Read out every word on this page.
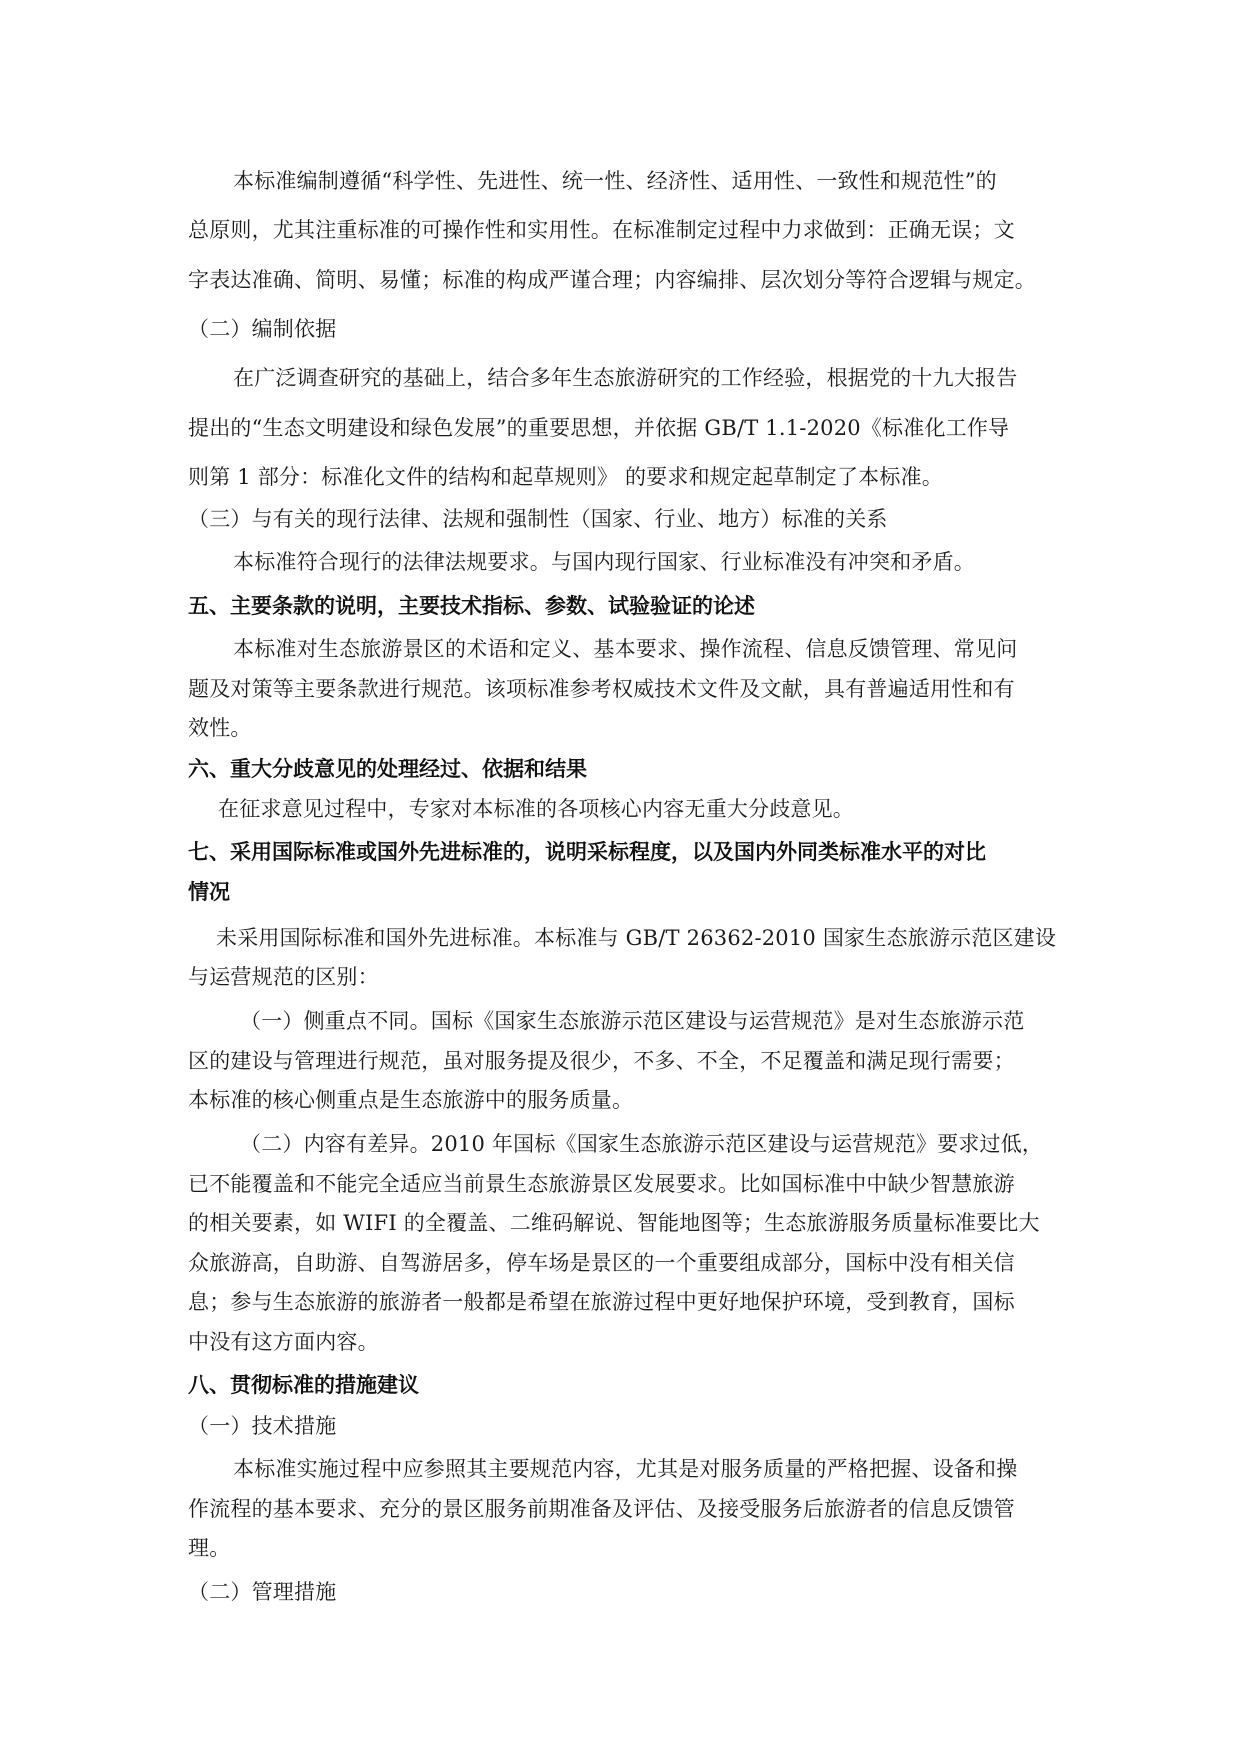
本标准编制遵循“科学性、先进性、统一性、经济性、适用性、一致性和规范性”的
总原则，尤其注重标准的可操作性和实用性。在标准制定过程中力求做到：正确无误；文
字表达准确、简明、易懂；标准的构成严谨合理；内容编排、层次划分等符合逻辑与规定。
（二）编制依据
在广泛调查研究的基础上，结合多年生态旅游研究的工作经验，根据党的十九大报告
提出的“生态文明建设和绿色发展”的重要思想，并依据 GB/T 1.1-2020《标准化工作导
则第 1 部分：标准化文件的结构和起草规则》 的要求和规定起草制定了本标准。
（三）与有关的现行法律、法规和强制性（国家、行业、地方）标准的关系
本标准符合现行的法律法规要求。与国内现行国家、行业标准没有冲突和矛盾。
五、主要条款的说明，主要技术指标、参数、试验验证的论述
本标准对生态旅游景区的术语和定义、基本要求、操作流程、信息反馈管理、常见问
题及对策等主要条款进行规范。该项标准参考权威技术文件及文献，具有普遍适用性和有
效性。
六、重大分歧意见的处理经过、依据和结果
在征求意见过程中，专家对本标准的各项核心内容无重大分歧意见。
七、采用国际标准或国外先进标准的，说明采标程度，以及国内外同类标准水平的对比
情况
未采用国际标准和国外先进标准。本标准与 GB/T 26362-2010 国家生态旅游示范区建设
与运营规范的区别：
（一）侧重点不同。国标《国家生态旅游示范区建设与运营规范》是对生态旅游示范
区的建设与管理进行规范，虽对服务提及很少，不多、不全，不足覆盖和满足现行需要；
本标准的核心侧重点是生态旅游中的服务质量。
（二）内容有差异。2010 年国标《国家生态旅游示范区建设与运营规范》要求过低，
已不能覆盖和不能完全适应当前景生态旅游景区发展要求。比如国标准中中缺少智慧旅游
的相关要素，如 WIFI 的全覆盖、二维码解说、智能地图等；生态旅游服务质量标准要比大
众旅游高，自助游、自驾游居多，停车场是景区的一个重要组成部分，国标中没有相关信
息；参与生态旅游的旅游者一般都是希望在旅游过程中更好地保护环境，受到教育，国标
中没有这方面内容。
八、贯彻标准的措施建议
（一）技术措施
本标准实施过程中应参照其主要规范内容，尤其是对服务质量的严格把握、设备和操
作流程的基本要求、充分的景区服务前期准备及评估、及接受服务后旅游者的信息反馈管
理。
（二）管理措施
